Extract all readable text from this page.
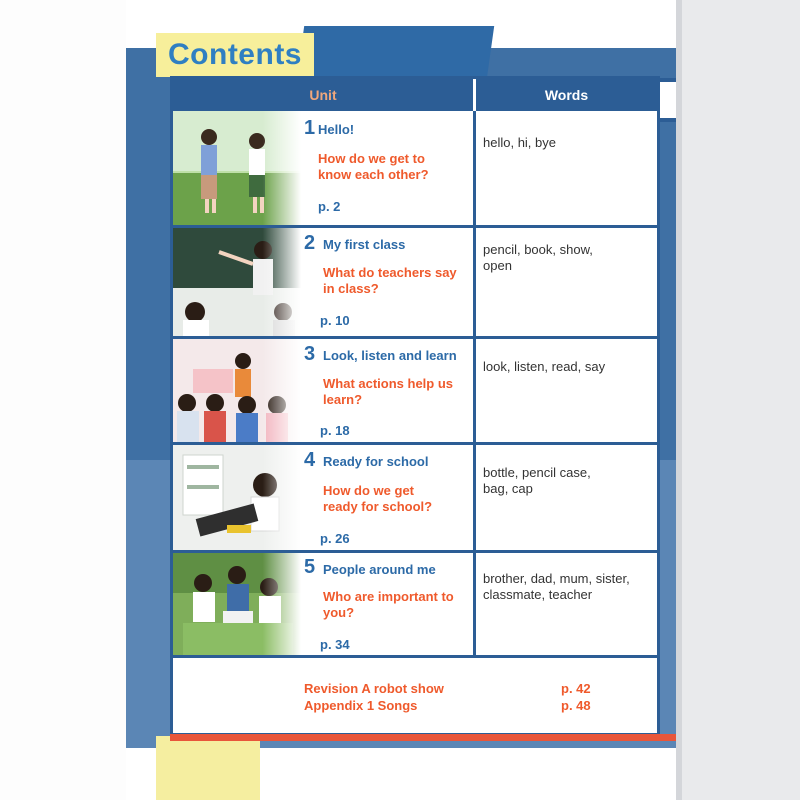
Contents
Unit	Words
1 Hello!
How do we get to
know each other?
p. 2
hello, hi, bye
2 My first class
What do teachers say
in class?
p. 10
pencil, book, show,
open
3 Look, listen and learn
What actions help us
learn?
p. 18
look, listen, read, say
4 Ready for school
How do we get
ready for school?
p. 26
bottle, pencil case,
bag, cap
5 People around me
Who are important to
you?
p. 34
brother, dad, mum, sister,
classmate, teacher
Revision A robot show	p. 42
Appendix 1 Songs	p. 48
